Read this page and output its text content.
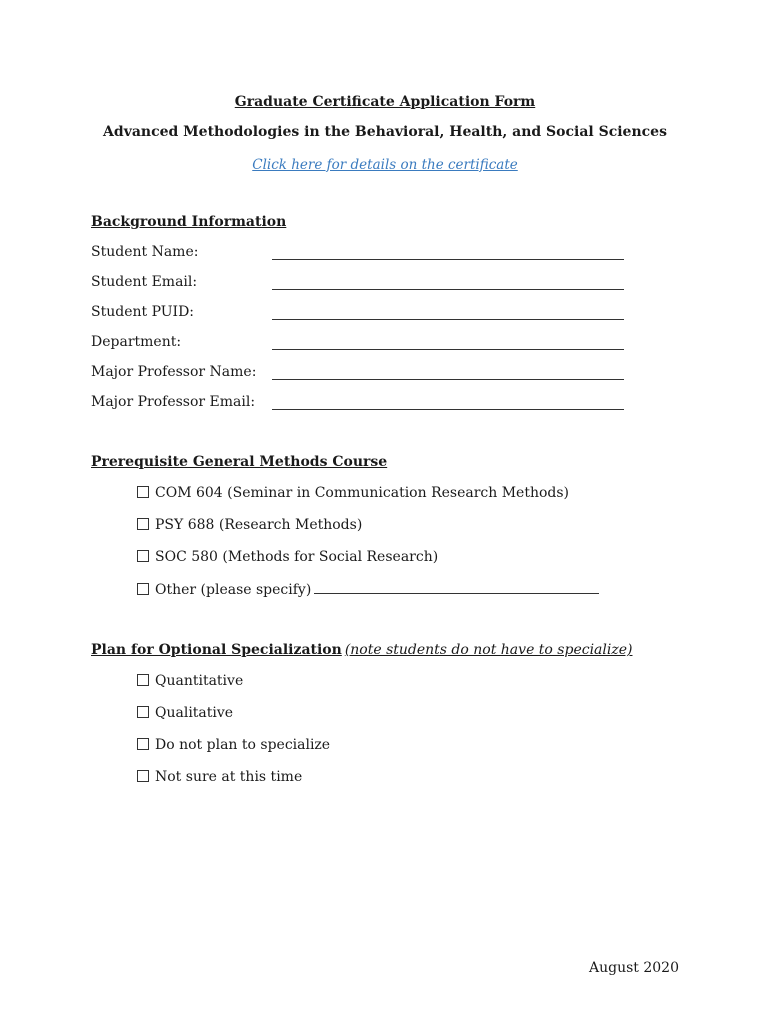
Graduate Certificate Application Form
Advanced Methodologies in the Behavioral, Health, and Social Sciences
Click here for details on the certificate
Background Information
Student Name:
Student Email:
Student PUID:
Department:
Major Professor Name:
Major Professor Email:
Prerequisite General Methods Course
COM 604 (Seminar in Communication Research Methods)
PSY 688 (Research Methods)
SOC 580 (Methods for Social Research)
Other (please specify)
Plan for Optional Specialization (note students do not have to specialize)
Quantitative
Qualitative
Do not plan to specialize
Not sure at this time
August 2020
